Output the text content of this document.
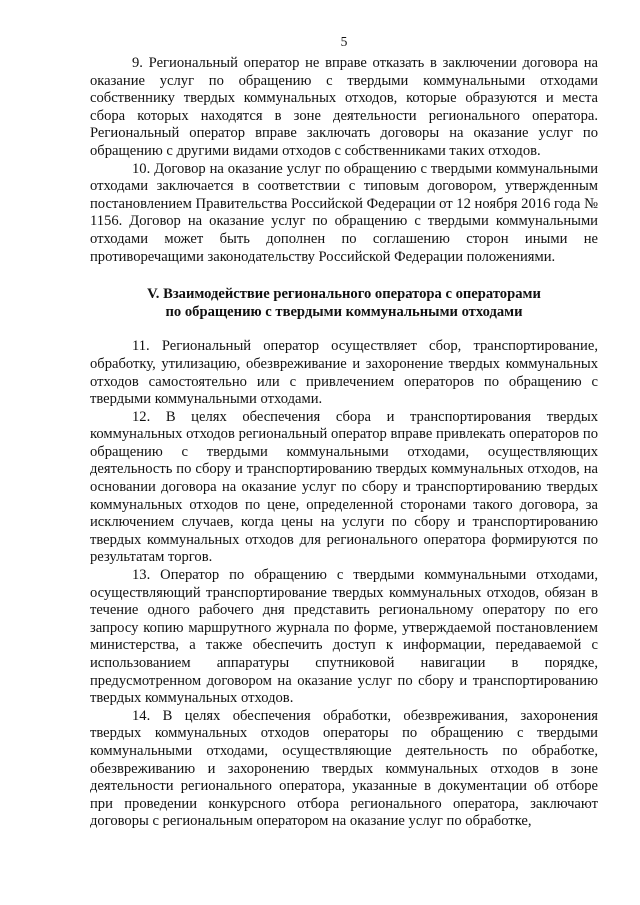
5

9. Региональный оператор не вправе отказать в заключении договора на оказание услуг по обращению с твердыми коммунальными отходами собственнику твердых коммунальных отходов, которые образуются и места сбора которых находятся в зоне деятельности регионального оператора. Региональный оператор вправе заключать договоры на оказание услуг по обращению с другими видами отходов с собственниками таких отходов.

10. Договор на оказание услуг по обращению с твердыми коммунальными отходами заключается в соответствии с типовым договором, утвержденным постановлением Правительства Российской Федерации от 12 ноября 2016 года № 1156. Договор на оказание услуг по обращению с твердыми коммунальными отходами может быть дополнен по соглашению сторон иными не противоречащими законодательству Российской Федерации положениями.

V. Взаимодействие регионального оператора с операторами
по обращению с твердыми коммунальными отходами

11. Региональный оператор осуществляет сбор, транспортирование, обработку, утилизацию, обезвреживание и захоронение твердых коммунальных отходов самостоятельно или с привлечением операторов по обращению с твердыми коммунальными отходами.

12. В целях обеспечения сбора и транспортирования твердых коммунальных отходов региональный оператор вправе привлекать операторов по обращению с твердыми коммунальными отходами, осуществляющих деятельность по сбору и транспортированию твердых коммунальных отходов, на основании договора на оказание услуг по сбору и транспортированию твердых коммунальных отходов по цене, определенной сторонами такого договора, за исключением случаев, когда цены на услуги по сбору и транспортированию твердых коммунальных отходов для регионального оператора формируются по результатам торгов.

13. Оператор по обращению с твердыми коммунальными отходами, осуществляющий транспортирование твердых коммунальных отходов, обязан в течение одного рабочего дня представить региональному оператору по его запросу копию маршрутного журнала по форме, утверждаемой постановлением министерства, а также обеспечить доступ к информации, передаваемой с использованием аппаратуры спутниковой навигации в порядке, предусмотренном договором на оказание услуг по сбору и транспортированию твердых коммунальных отходов.

14. В целях обеспечения обработки, обезвреживания, захоронения твердых коммунальных отходов операторы по обращению с твердыми коммунальными отходами, осуществляющие деятельность по обработке, обезвреживанию и захоронению твердых коммунальных отходов в зоне деятельности регионального оператора, указанные в документации об отборе при проведении конкурсного отбора регионального оператора, заключают договоры с региональным оператором на оказание услуг по обработке,
